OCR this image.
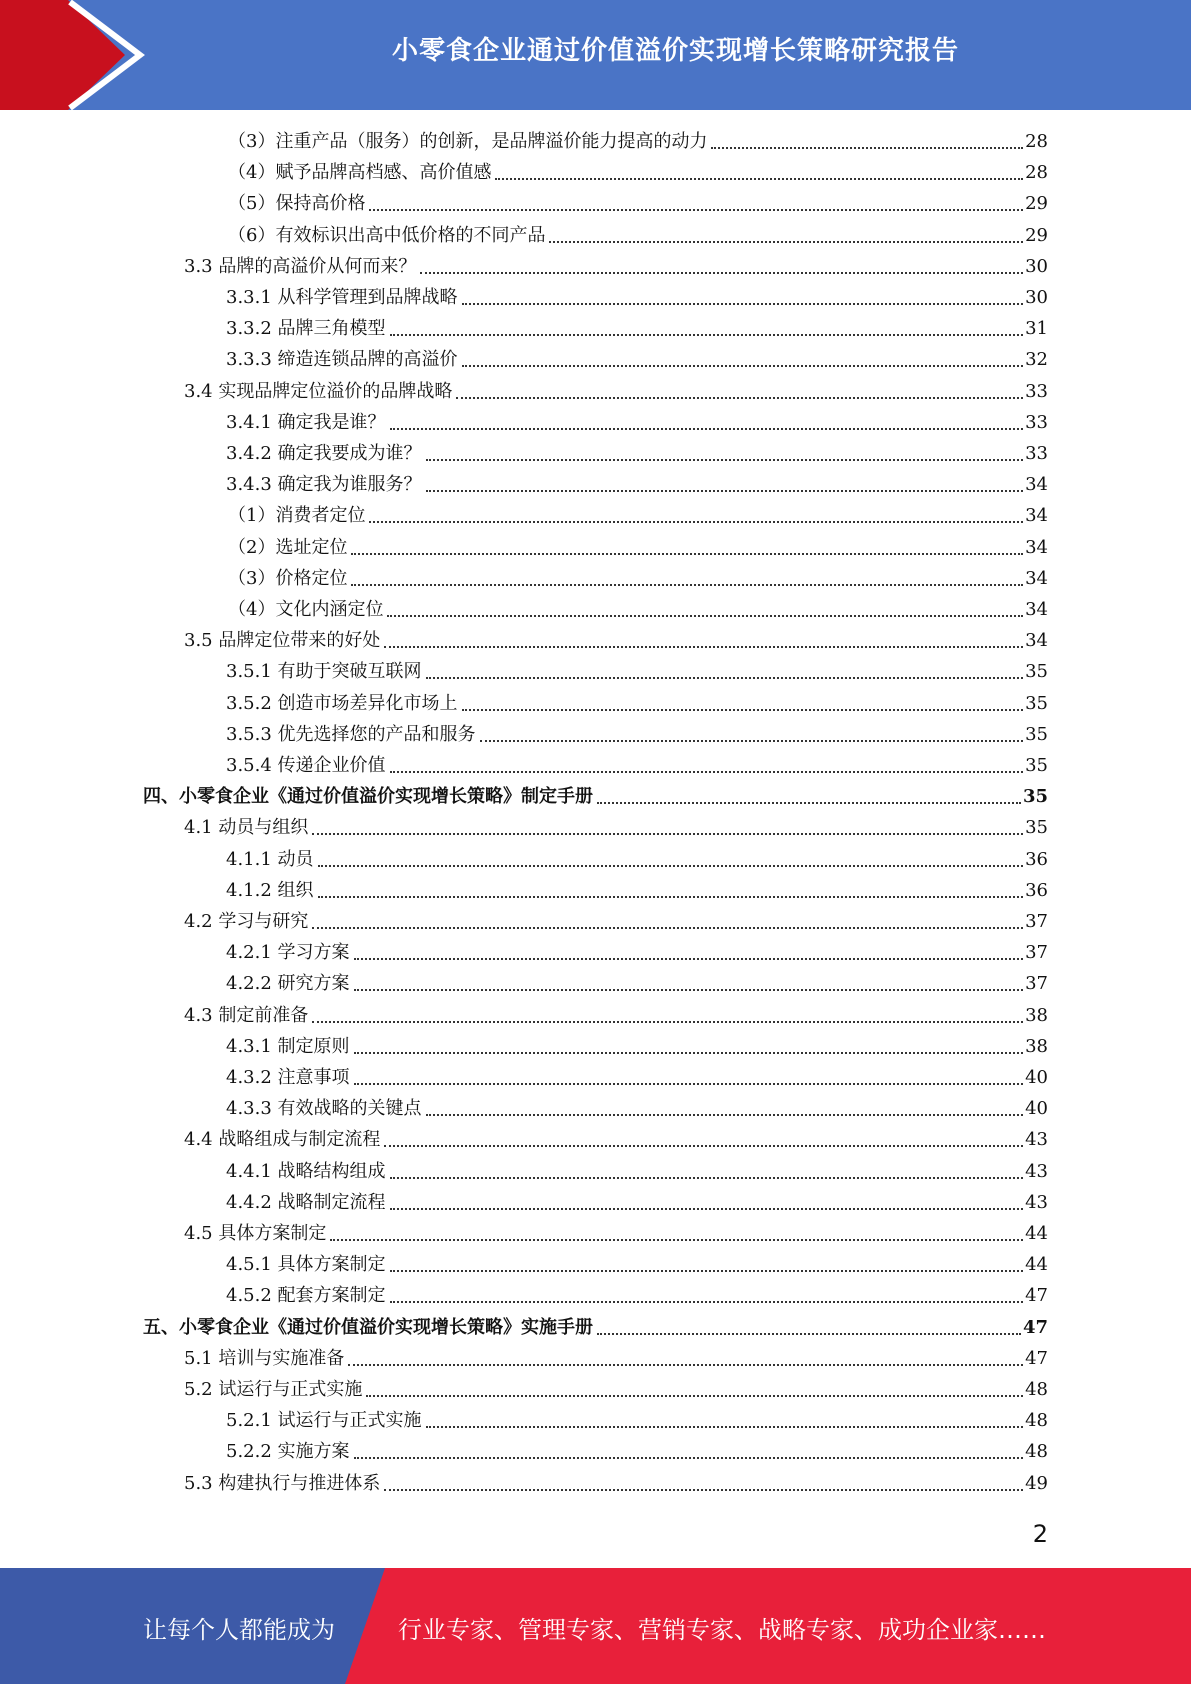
小零食企业通过价值溢价实现增长策略研究报告
（3）注重产品（服务）的创新，是品牌溢价能力提高的动力	28
（4）赋予品牌高档感、高价值感	28
（5）保持高价格	29
（6）有效标识出高中低价格的不同产品	29
3.3 品牌的高溢价从何而来？	30
3.3.1 从科学管理到品牌战略	30
3.3.2 品牌三角模型	31
3.3.3 缔造连锁品牌的高溢价	32
3.4 实现品牌定位溢价的品牌战略	33
3.4.1 确定我是谁？	33
3.4.2 确定我要成为谁？	33
3.4.3 确定我为谁服务？	34
（1）消费者定位	34
（2）选址定位	34
（3）价格定位	34
（4）文化内涵定位	34
3.5 品牌定位带来的好处	34
3.5.1 有助于突破互联网	35
3.5.2 创造市场差异化市场上	35
3.5.3 优先选择您的产品和服务	35
3.5.4 传递企业价值	35
四、小零食企业《通过价值溢价实现增长策略》制定手册	35
4.1 动员与组织	35
4.1.1 动员	36
4.1.2 组织	36
4.2 学习与研究	37
4.2.1 学习方案	37
4.2.2 研究方案	37
4.3 制定前准备	38
4.3.1 制定原则	38
4.3.2 注意事项	40
4.3.3 有效战略的关键点	40
4.4 战略组成与制定流程	43
4.4.1 战略结构组成	43
4.4.2 战略制定流程	43
4.5 具体方案制定	44
4.5.1 具体方案制定	44
4.5.2 配套方案制定	47
五、小零食企业《通过价值溢价实现增长策略》实施手册	47
5.1 培训与实施准备	47
5.2 试运行与正式实施	48
5.2.1 试运行与正式实施	48
5.2.2 实施方案	48
5.3 构建执行与推进体系	49
2
让每个人都能成为	行业专家、管理专家、营销专家、战略专家、成功企业家……
